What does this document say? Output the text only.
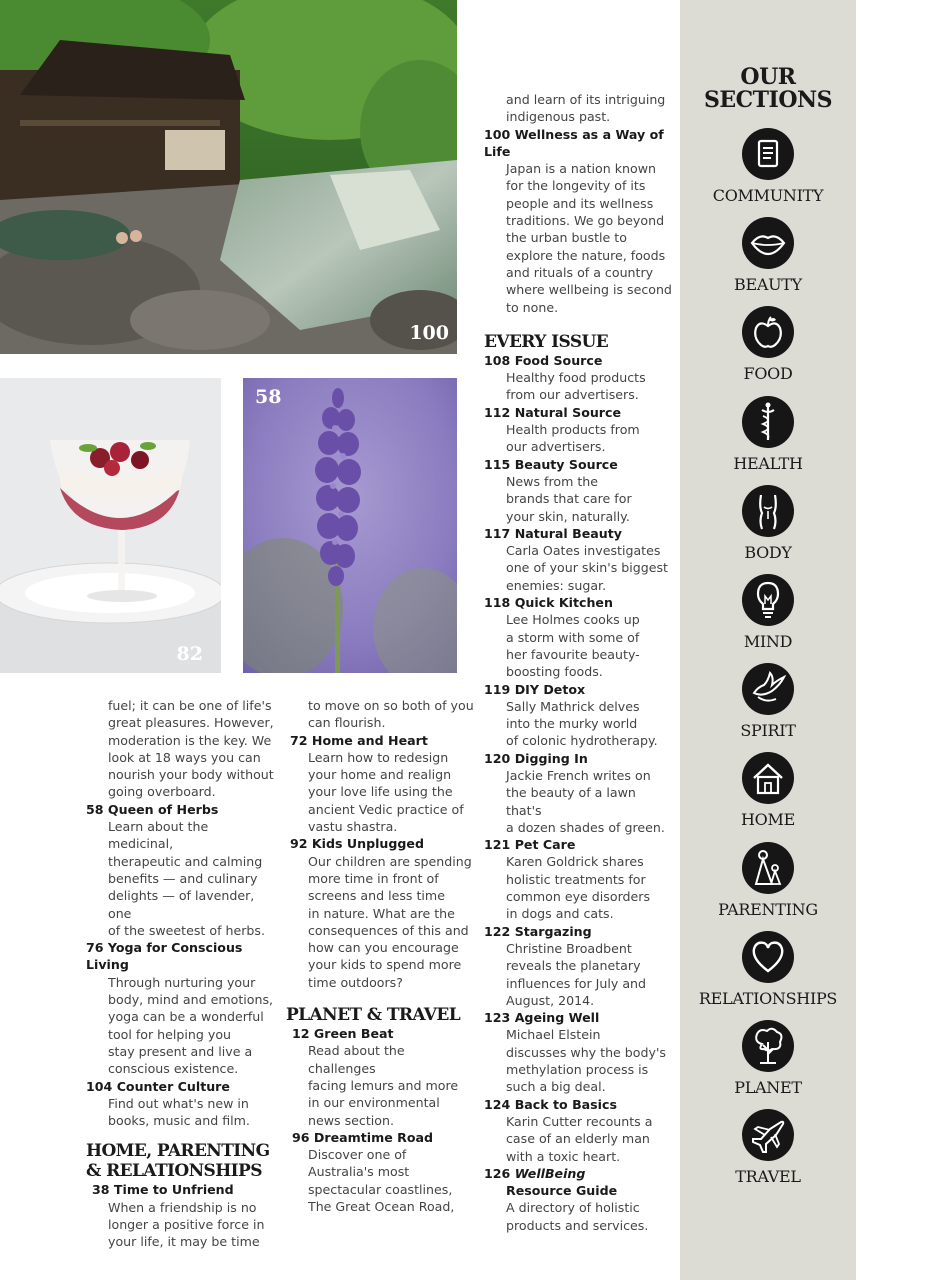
100
82
58

fuel; it can be one of life's
great pleasures. However,
moderation is the key. We
look at 18 ways you can
nourish your body without
going overboard.

58 Queen of Herbs

Learn about the medicinal,
therapeutic and calming
benefits — and culinary
delights — of lavender, one
of the sweetest of herbs.

76 Yoga for Conscious Living

Through nurturing your
body, mind and emotions,
yoga can be a wonderful
tool for helping you
stay present and live a
conscious existence.

104 Counter Culture

Find out what's new in
books, music and film.

HOME, PARENTING
& RELATIONSHIPS

38 Time to Unfriend

When a friendship is no
longer a positive force in
your life, it may be time

to move on so both of you
can flourish.

72 Home and Heart

Learn how to redesign
your home and realign
your love life using the
ancient Vedic practice of
vastu shastra.

92 Kids Unplugged

Our children are spending
more time in front of
screens and less time
in nature. What are the
consequences of this and
how can you encourage
your kids to spend more
time outdoors?

PLANET & TRAVEL

12 Green Beat

Read about the challenges
facing lemurs and more
in our environmental
news section.

96 Dreamtime Road

Discover one of
Australia's most
spectacular coastlines,
The Great Ocean Road,

and learn of its intriguing
indigenous past.

100 Wellness as a Way of Life

Japan is a nation known
for the longevity of its
people and its wellness
traditions. We go beyond
the urban bustle to
explore the nature, foods
and rituals of a country
where wellbeing is second
to none.

EVERY ISSUE

108 Food Source

Healthy food products
from our advertisers.

112 Natural Source

Health products from
our advertisers.

115 Beauty Source

News from the
brands that care for
your skin, naturally.

117 Natural Beauty

Carla Oates investigates
one of your skin's biggest
enemies: sugar.

118 Quick Kitchen

Lee Holmes cooks up
a storm with some of
her favourite beauty-
boosting foods.

119 DIY Detox

Sally Mathrick delves
into the murky world
of colonic hydrotherapy.

120 Digging In

Jackie French writes on
the beauty of a lawn that's
a dozen shades of green.

121 Pet Care

Karen Goldrick shares
holistic treatments for
common eye disorders
in dogs and cats.

122 Stargazing

Christine Broadbent
reveals the planetary
influences for July and
August, 2014.

123 Ageing Well

Michael Elstein
discusses why the body's
methylation process is
such a big deal.

124 Back to Basics

Karin Cutter recounts a
case of an elderly man
with a toxic heart.

126 WellBeing

Resource Guide

A directory of holistic
products and services.

OUR
SECTIONS
COMMUNITY
BEAUTY
FOOD
HEALTH
BODY
MIND
SPIRIT
HOME
PARENTING
RELATIONSHIPS
PLANET
TRAVEL
